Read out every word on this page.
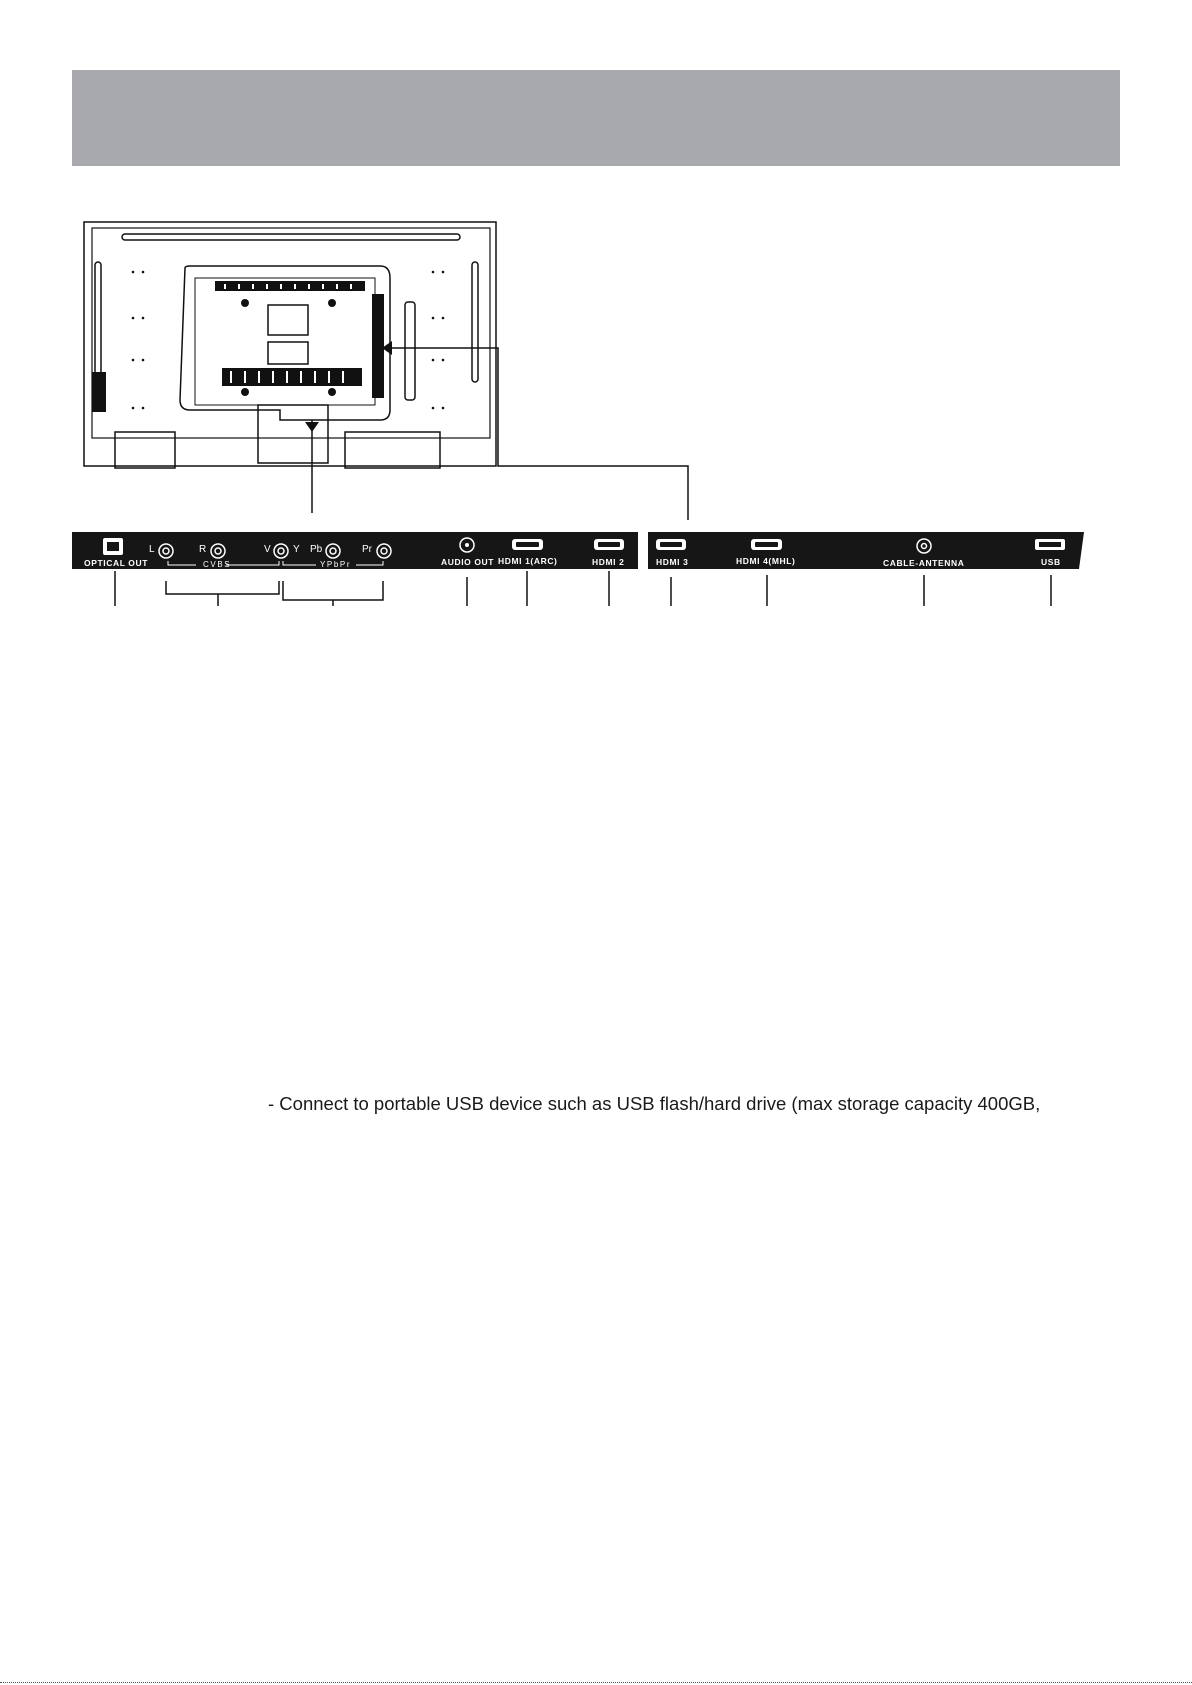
OPTICAL OUT
L	R	V
CVBS
Y Pb	Pr
YPbPr	AUDIO OUT HDMI 1(ARC)	HDMI 2	HDMI 3	HDMI 4(MHL)	CABLE-ANTENNA	USB
- Connect to portable USB device such as USB flash/hard drive (max storage capacity 400GB,
